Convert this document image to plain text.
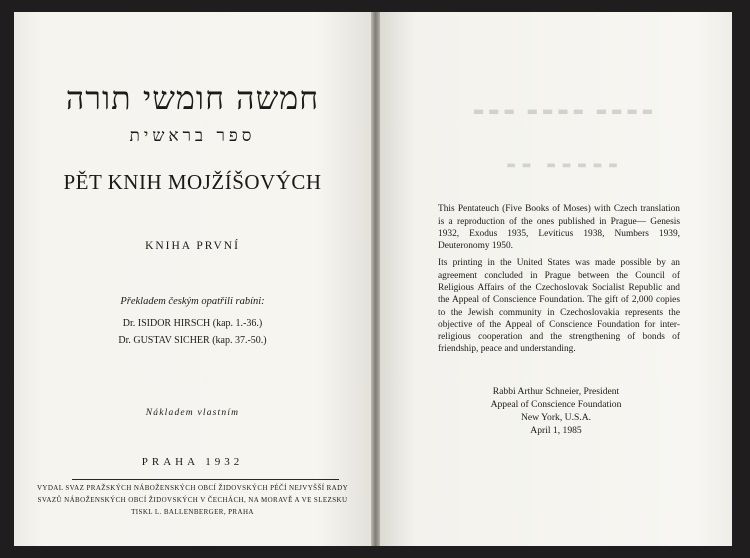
חמשה חומשי תורה
ספר בראשית
PĚT KNIH MOJŽÍŠOVÝCH
KNIHA PRVNÍ
Překladem českým opatřili rabíni:
Dr. ISIDOR HIRSCH (kap. 1.-36.)
Dr. GUSTAV SICHER (kap. 37.-50.)
Nákladem vlastním
PRAHA 1932
VYDAL SVAZ PRAŽSKÝCH NÁBOŽENSKÝCH OBCÍ ŽIDOVSKÝCH PÉČÍ NEJVYŠŠÍ RADY
SVAZŮ NÁBOŽENSKÝCH OBCÍ ŽIDOVSKÝCH V ČECHÁCH, NA MORAVĚ A VE SLEZSKU
TISKL L. BALLENBERGER, PRAHA
▬▬▬ ▬▬▬▬ ▬▬▬▬
▬▬ ▬▬▬▬▬

This Pentateuch (Five Books of Moses) with Czech translation is a reproduction of the ones published in Prague— Genesis 1932, Exodus 1935, Leviticus 1938, Numbers 1939, Deuteronomy 1950.

Its printing in the United States was made possible by an agreement concluded in Prague between the Council of Religious Affairs of the Czechoslovak Socialist Republic and the Appeal of Conscience Foundation. The gift of 2,000 copies to the Jewish community in Czechoslovakia represents the objective of the Appeal of Conscience Foundation for inter-religious cooperation and the strengthening of bonds of friendship, peace and understanding.

Rabbi Arthur Schneier, President
Appeal of Conscience Foundation
New York, U.S.A.
April 1, 1985
